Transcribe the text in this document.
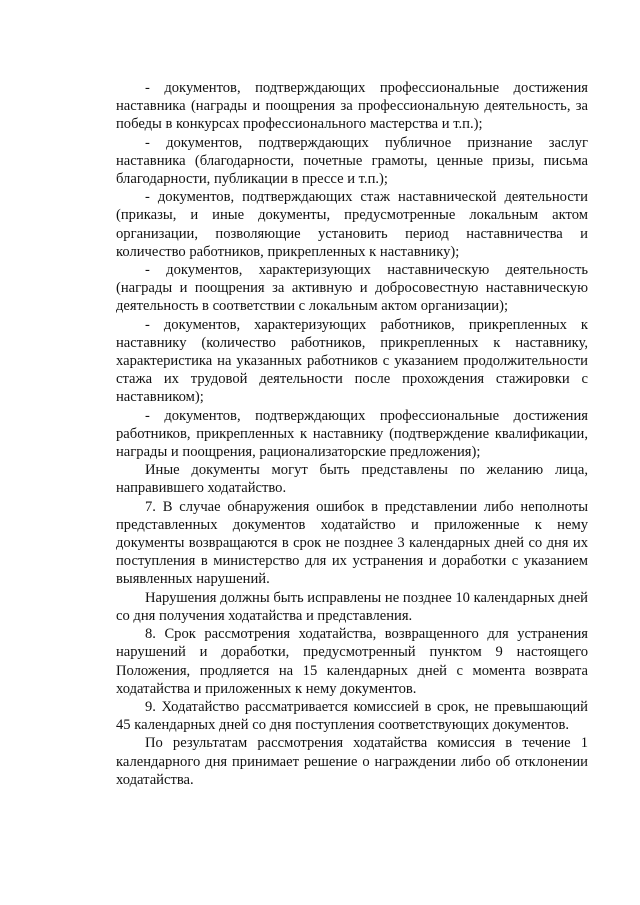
- документов, подтверждающих профессиональные достижения наставника (награды и поощрения за профессиональную деятельность, за победы в конкурсах профессионального мастерства и т.п.);

- документов, подтверждающих публичное признание заслуг наставника (благодарности, почетные грамоты, ценные призы, письма благодарности, публикации в прессе и т.п.);

- документов, подтверждающих стаж наставнической деятельности (приказы, и иные документы, предусмотренные локальным актом организации, позволяющие установить период наставничества и количество работников, прикрепленных к наставнику);

- документов, характеризующих наставническую деятельность (награды и поощрения за активную и добросовестную наставническую деятельность в соответствии с локальным актом организации);

- документов, характеризующих работников, прикрепленных к наставнику (количество работников, прикрепленных к наставнику, характеристика на указанных работников с указанием продолжительности стажа их трудовой деятельности после прохождения стажировки с наставником);

- документов, подтверждающих профессиональные достижения работников, прикрепленных к наставнику (подтверждение квалификации, награды и поощрения, рационализаторские предложения);

Иные документы могут быть представлены по желанию лица, направившего ходатайство.

7. В случае обнаружения ошибок в представлении либо неполноты представленных документов ходатайство и приложенные к нему документы возвращаются в срок не позднее 3 календарных дней со дня их поступления в министерство для их устранения и доработки с указанием выявленных нарушений.

Нарушения должны быть исправлены не позднее 10 календарных дней со дня получения ходатайства и представления.

8. Срок рассмотрения ходатайства, возвращенного для устранения нарушений и доработки, предусмотренный пунктом 9 настоящего Положения, продляется на 15 календарных дней с момента возврата ходатайства и приложенных к нему документов.

9. Ходатайство рассматривается комиссией в срок, не превышающий 45 календарных дней со дня поступления соответствующих документов.

По результатам рассмотрения ходатайства комиссия в течение 1 календарного дня принимает решение о награждении либо об отклонении ходатайства.
